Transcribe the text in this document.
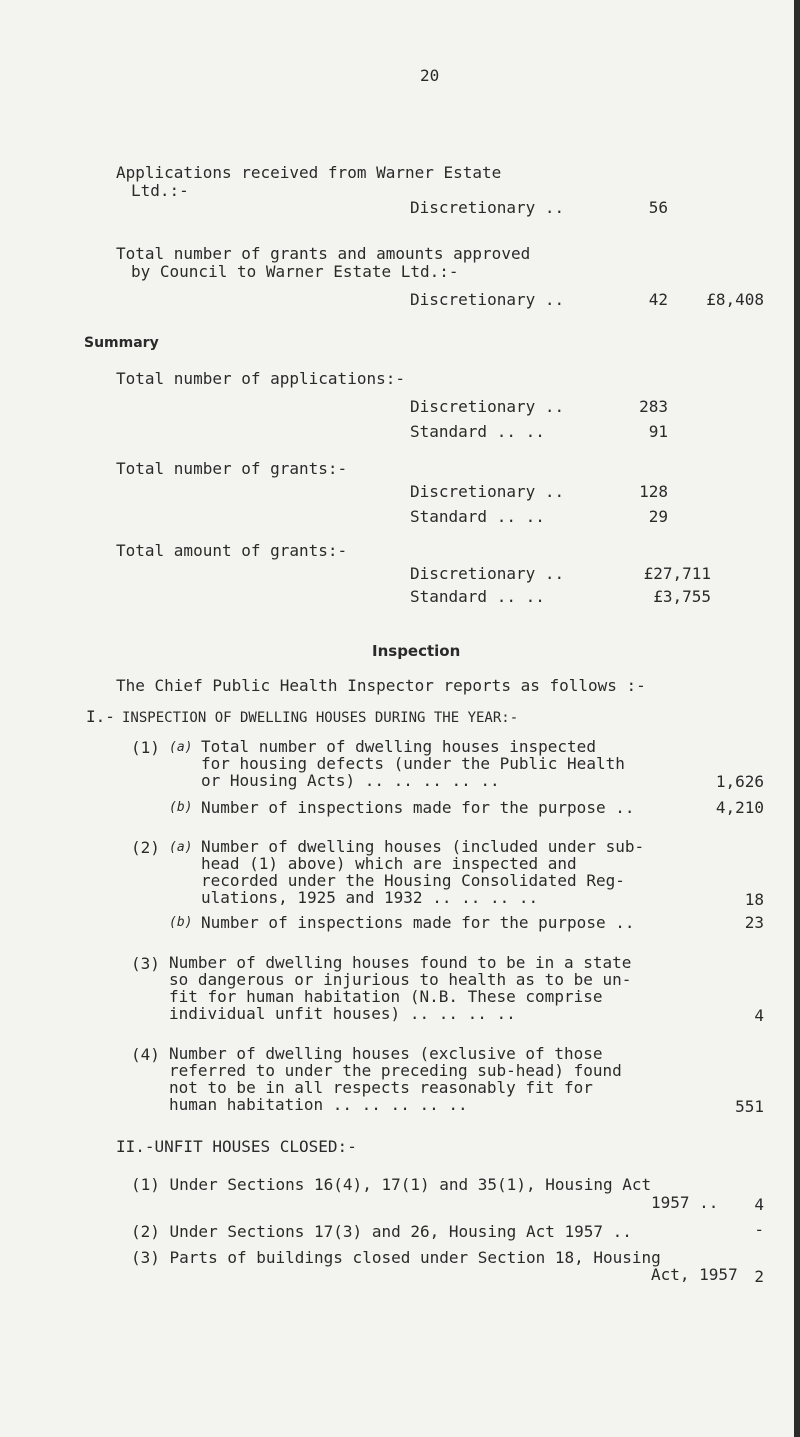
20
Applications received from Warner Estate
Ltd.:-
Discretionary ..	56
Total number of grants and amounts approved
by Council to Warner Estate Ltd.:-
Discretionary ..	42	£8,408
Summary
Total number of applications:-
Discretionary ..	283
Standard .. ..	91
Total number of grants:-
Discretionary ..	128
Standard .. ..	29
Total amount of grants:-
Discretionary ..	£27,711
Standard .. ..	£3,755
Inspection
The Chief Public Health Inspector reports as follows :-
I.- INSPECTION OF DWELLING HOUSES DURING THE YEAR:-
(1) (a) Total number of dwelling houses inspected
for housing defects (under the Public Health
or Housing Acts) .. .. .. .. ..	1,626
(b) Number of inspections made for the purpose ..	4,210
(2) (a) Number of dwelling houses (included under sub-
head (1) above) which are inspected and
recorded under the Housing Consolidated Reg-
ulations, 1925 and 1932 .. .. .. ..	18
(b) Number of inspections made for the purpose ..	23
(3) Number of dwelling houses found to be in a state
so dangerous or injurious to health as to be un-
fit for human habitation (N.B. These comprise
individual unfit houses) .. .. .. ..	4
(4) Number of dwelling houses (exclusive of those
referred to under the preceding sub-head) found
not to be in all respects reasonably fit for
human habitation .. .. .. .. ..	551
II.-UNFIT HOUSES CLOSED:-
(1) Under Sections 16(4), 17(1) and 35(1), Housing Act
1957 ..	4
(2) Under Sections 17(3) and 26, Housing Act 1957 ..	-
(3) Parts of buildings closed under Section 18, Housing
Act, 1957	2
